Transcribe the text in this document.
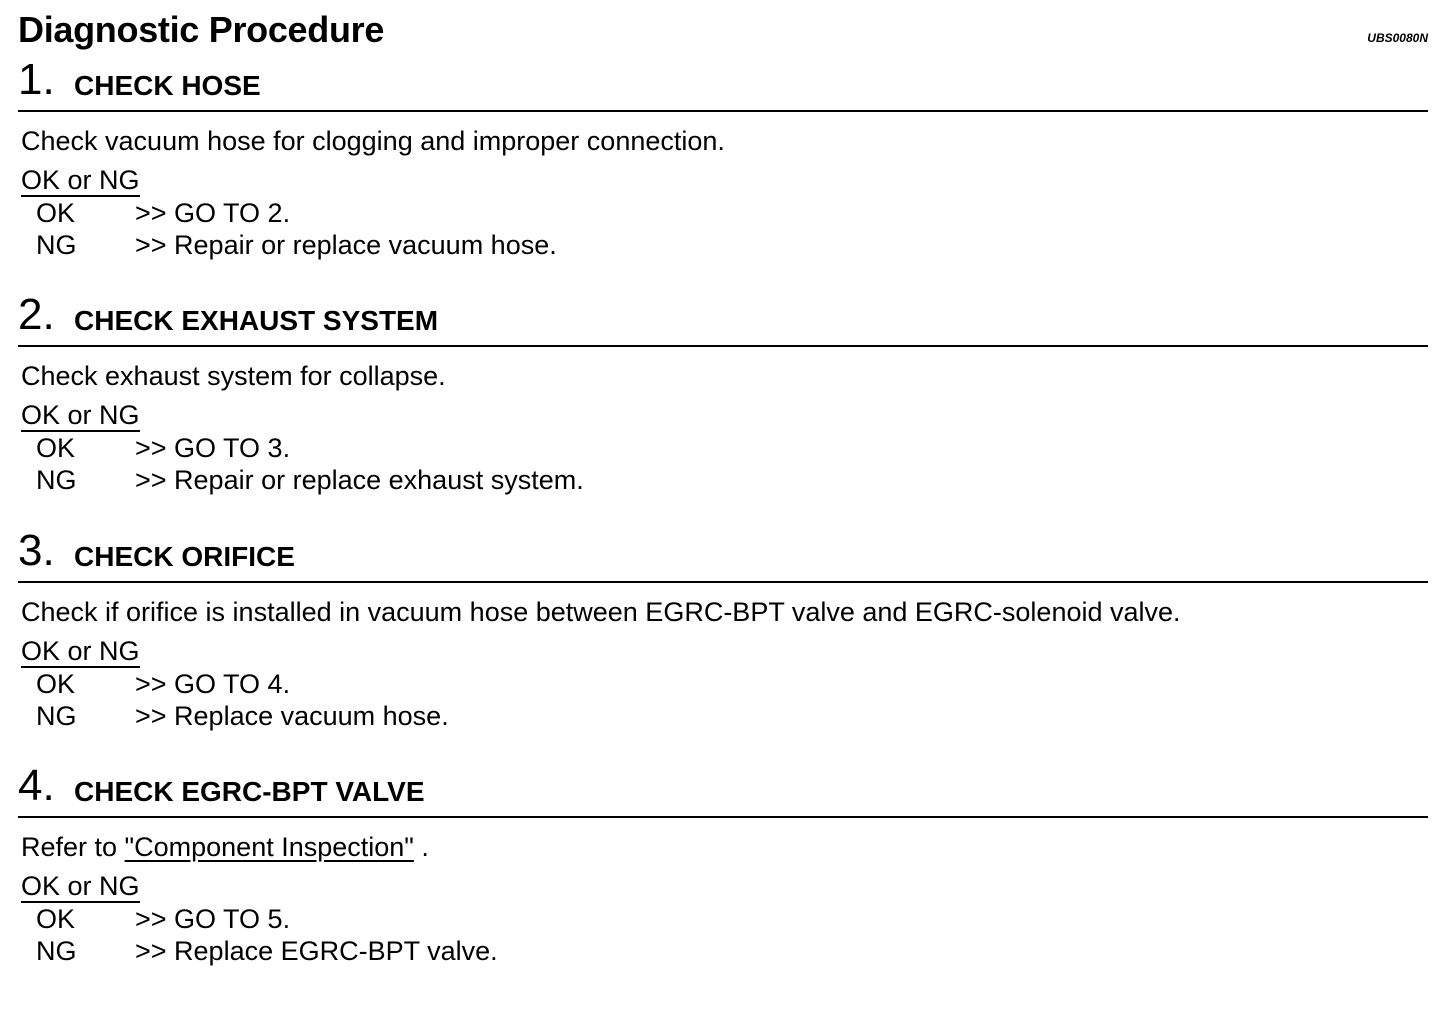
Diagnostic Procedure	UBS0080N
1. CHECK HOSE
Check vacuum hose for clogging and improper connection.
OK or NG
OK	>> GO TO 2.
NG	>> Repair or replace vacuum hose.
2. CHECK EXHAUST SYSTEM
Check exhaust system for collapse.
OK or NG
OK	>> GO TO 3.
NG	>> Repair or replace exhaust system.
3. CHECK ORIFICE
Check if orifice is installed in vacuum hose between EGRC-BPT valve and EGRC-solenoid valve.
OK or NG
OK	>> GO TO 4.
NG	>> Replace vacuum hose.
4. CHECK EGRC-BPT VALVE
Refer to "Component Inspection" .
OK or NG
OK	>> GO TO 5.
NG	>> Replace EGRC-BPT valve.
